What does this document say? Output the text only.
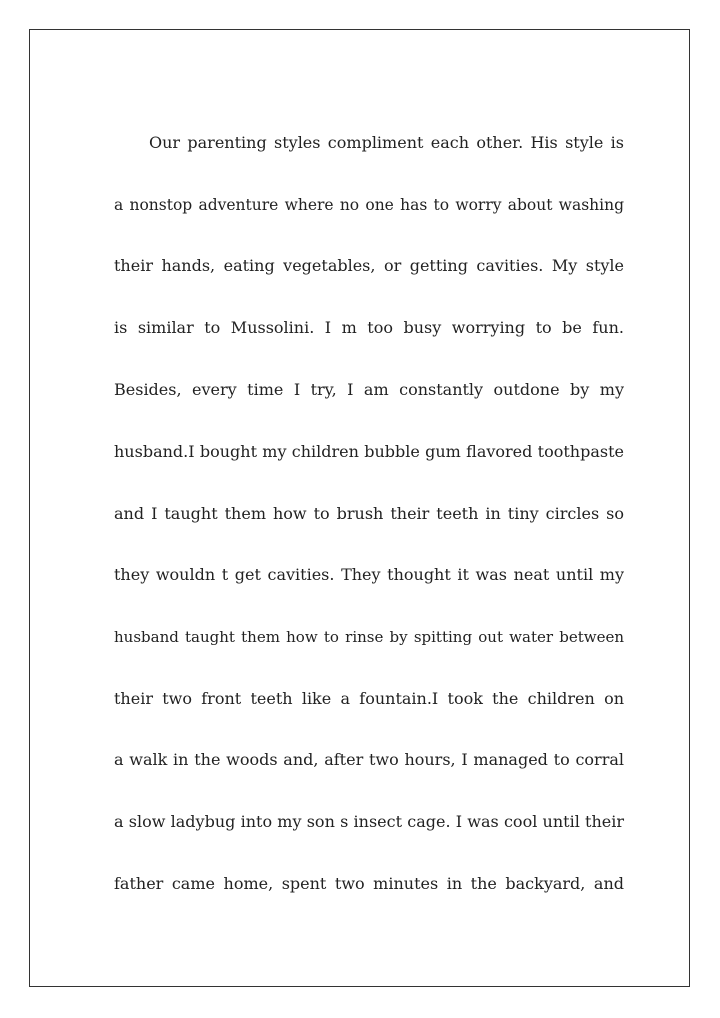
Our parenting styles compliment each other. His style is
a nonstop adventure where no one has to worry about washing
their hands, eating vegetables, or getting cavities. My style
is similar to Mussolini. I m too busy worrying to be fun.
Besides, every time I try, I am constantly outdone by my
husband.I bought my children bubble gum flavored toothpaste
and I taught them how to brush their teeth in tiny circles so
they wouldn t get cavities. They thought it was neat until my
husband taught them how to rinse by spitting out water between
their two front teeth like a fountain.I took the children on
a walk in the woods and, after two hours, I managed to corral
a slow ladybug into my son s insect cage. I was cool until their
father came home, spent two minutes in the backyard, and
